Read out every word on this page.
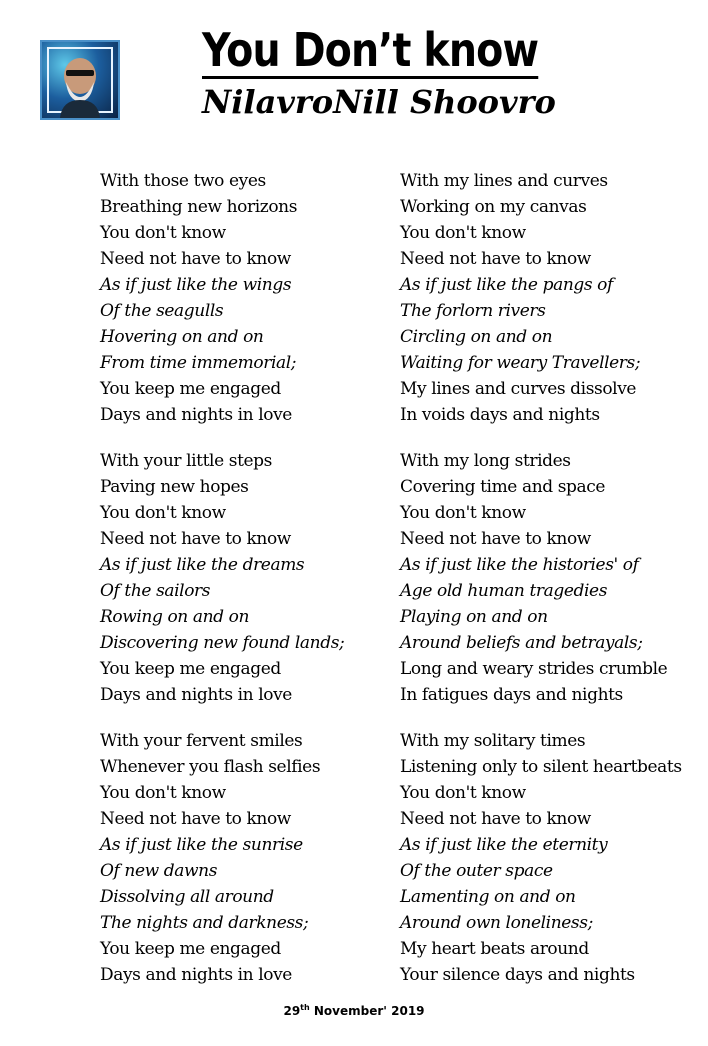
You Don’t know
NilavroNill Shoovro
With those two eyes
Breathing new horizons
You don't know
Need not have to know
As if just like the wings
Of the seagulls
Hovering on and on
From time immemorial;
You keep me engaged
Days and nights in love
With your little steps
Paving new hopes
You don't know
Need not have to know
As if just like the dreams
Of the sailors
Rowing on and on
Discovering new found lands;
You keep me engaged
Days and nights in love
With your fervent smiles
Whenever you flash selfies
You don't know
Need not have to know
As if just like the sunrise
Of new dawns
Dissolving all around
The nights and darkness;
You keep me engaged
Days and nights in love
With my lines and curves
Working on my canvas
You don't know
Need not have to know
As if just like the pangs of
The forlorn rivers
Circling on and on
Waiting for weary Travellers;
My lines and curves dissolve
In voids days and nights
With my long strides
Covering time and space
You don't know
Need not have to know
As if just like the histories' of
Age old human tragedies
Playing on and on
Around beliefs and betrayals;
Long and weary strides crumble
In fatigues days and nights
With my solitary times
Listening only to silent heartbeats
You don't know
Need not have to know
As if just like the eternity
Of the outer space
Lamenting on and on
Around own loneliness;
My heart beats around
Your silence days and nights
29th November' 2019
